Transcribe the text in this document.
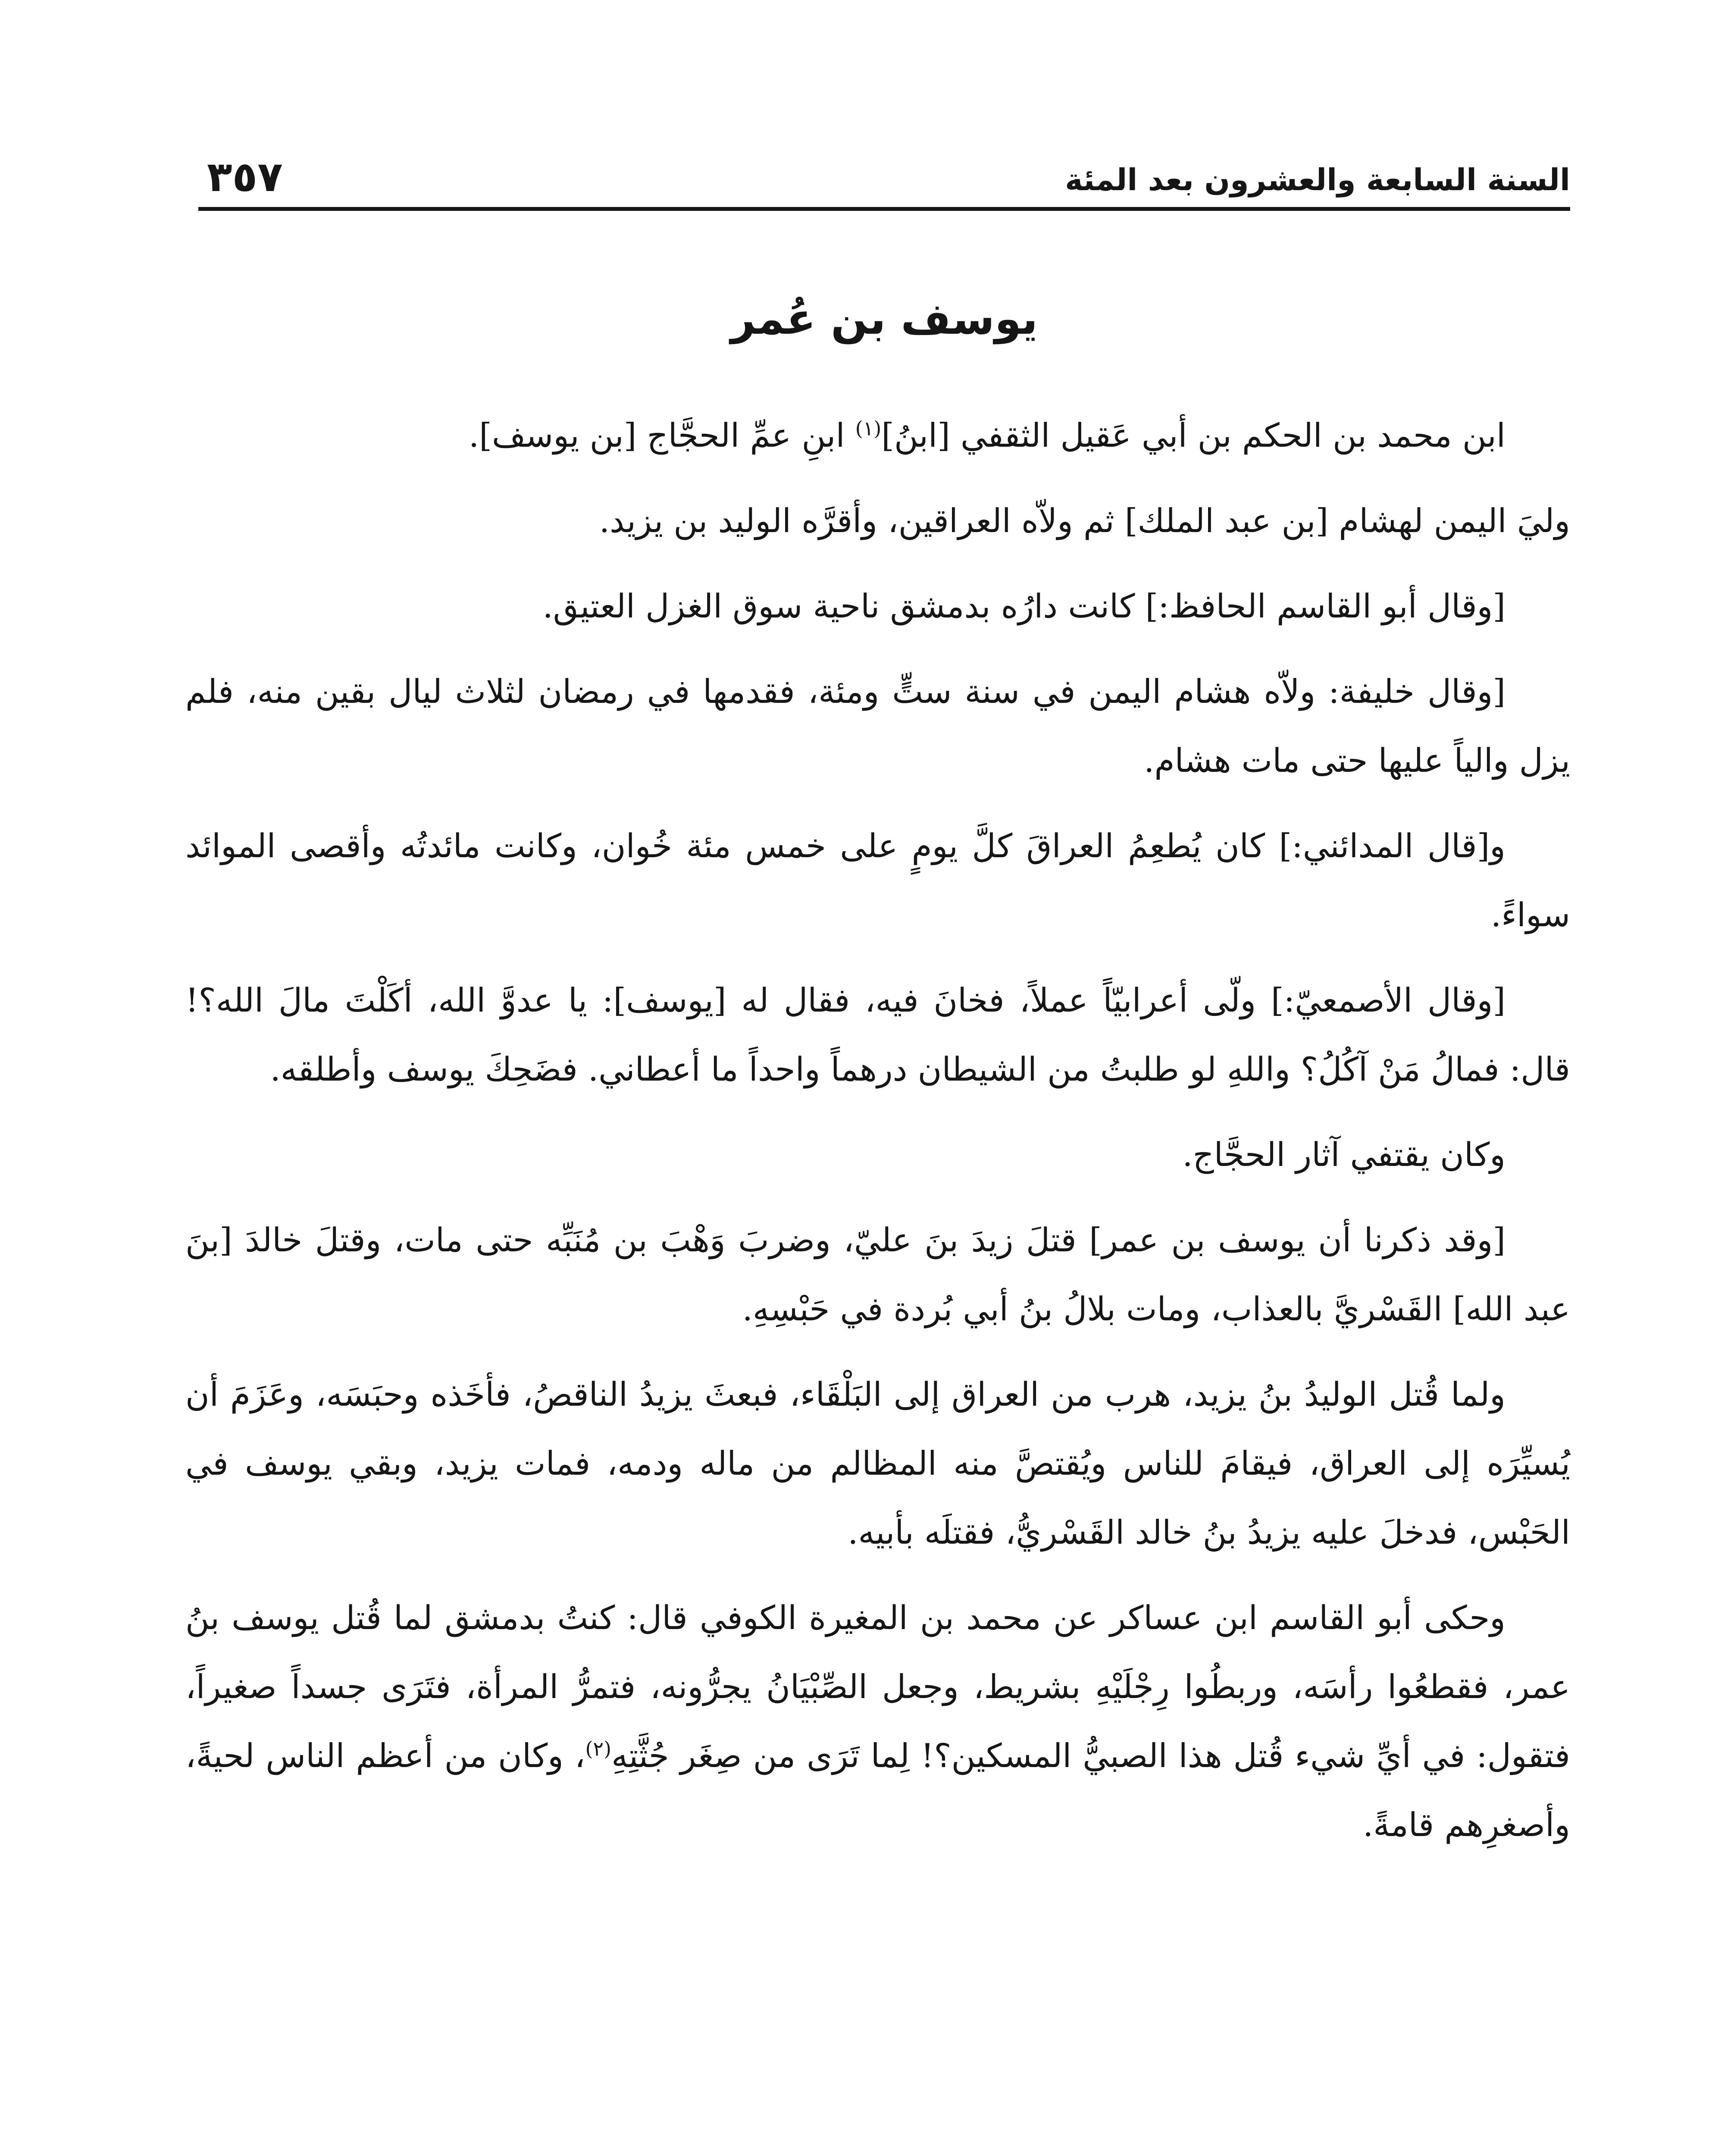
السنة السابعة والعشرون بعد المئة
٣٥٧
يوسف بن عُمر

ابن محمد بن الحكم بن أبي عَقيل الثقفي [ابنُ]$^{(١)}$ ابنِ عمِّ الحجَّاج [بن يوسف].

وليَ اليمن لهشام [بن عبد الملك] ثم ولاّه العراقين، وأقرَّه الوليد بن يزيد.

[وقال أبو القاسم الحافظ:] كانت دارُه بدمشق ناحية سوق الغزل العتيق.

[وقال خليفة: ولاّه هشام اليمن في سنة ستٍّ ومئة، فقدمها في رمضان لثلاث ليال بقين منه، فلم يزل والياً عليها حتى مات هشام.

و[قال المدائني:] كان يُطعِمُ العراقَ كلَّ يومٍ على خمس مئة خُوان، وكانت مائدتُه وأقصى الموائد سواءً.

[وقال الأصمعيّ:] ولّى أعرابيّاً عملاً، فخانَ فيه، فقال له [يوسف]: يا عدوَّ الله، أكَلْتَ مالَ الله؟! قال: فمالُ مَنْ آكُلُ؟ واللهِ لو طلبتُ من الشيطان درهماً واحداً ما أعطاني. فضَحِكَ يوسف وأطلقه.

وكان يقتفي آثار الحجَّاج.

[وقد ذكرنا أن يوسف بن عمر] قتلَ زيدَ بنَ عليّ، وضربَ وَهْبَ بن مُنَبِّه حتى مات، وقتلَ خالدَ [بنَ عبد الله] القَسْريَّ بالعذاب، ومات بلالُ بنُ أبي بُردة في حَبْسِهِ.

ولما قُتل الوليدُ بنُ يزيد، هرب من العراق إلى البَلْقَاء، فبعثَ يزيدُ الناقصُ، فأخَذه وحبَسَه، وعَزَمَ أن يُسيِّرَه إلى العراق، فيقامَ للناس ويُقتصَّ منه المظالم من ماله ودمه، فمات يزيد، وبقي يوسف في الحَبْس، فدخلَ عليه يزيدُ بنُ خالد القَسْريُّ، فقتلَه بأبيه.

وحكى أبو القاسم ابن عساكر عن محمد بن المغيرة الكوفي قال: كنتُ بدمشق لما قُتل يوسف بنُ عمر، فقطعُوا رأسَه، وربطُوا رِجْلَيْهِ بشريط، وجعل الصِّبْيَانُ يجرُّونه، فتمرُّ المرأة، فتَرَى جسداً صغيراً، فتقول: في أيِّ شيء قُتل هذا الصبيُّ المسكين؟! لِما تَرَى من صِغَر جُثَّتِهِ$^{(٢)}$، وكان من أعظم الناس لحيةً، وأصغرِهم قامةً.
